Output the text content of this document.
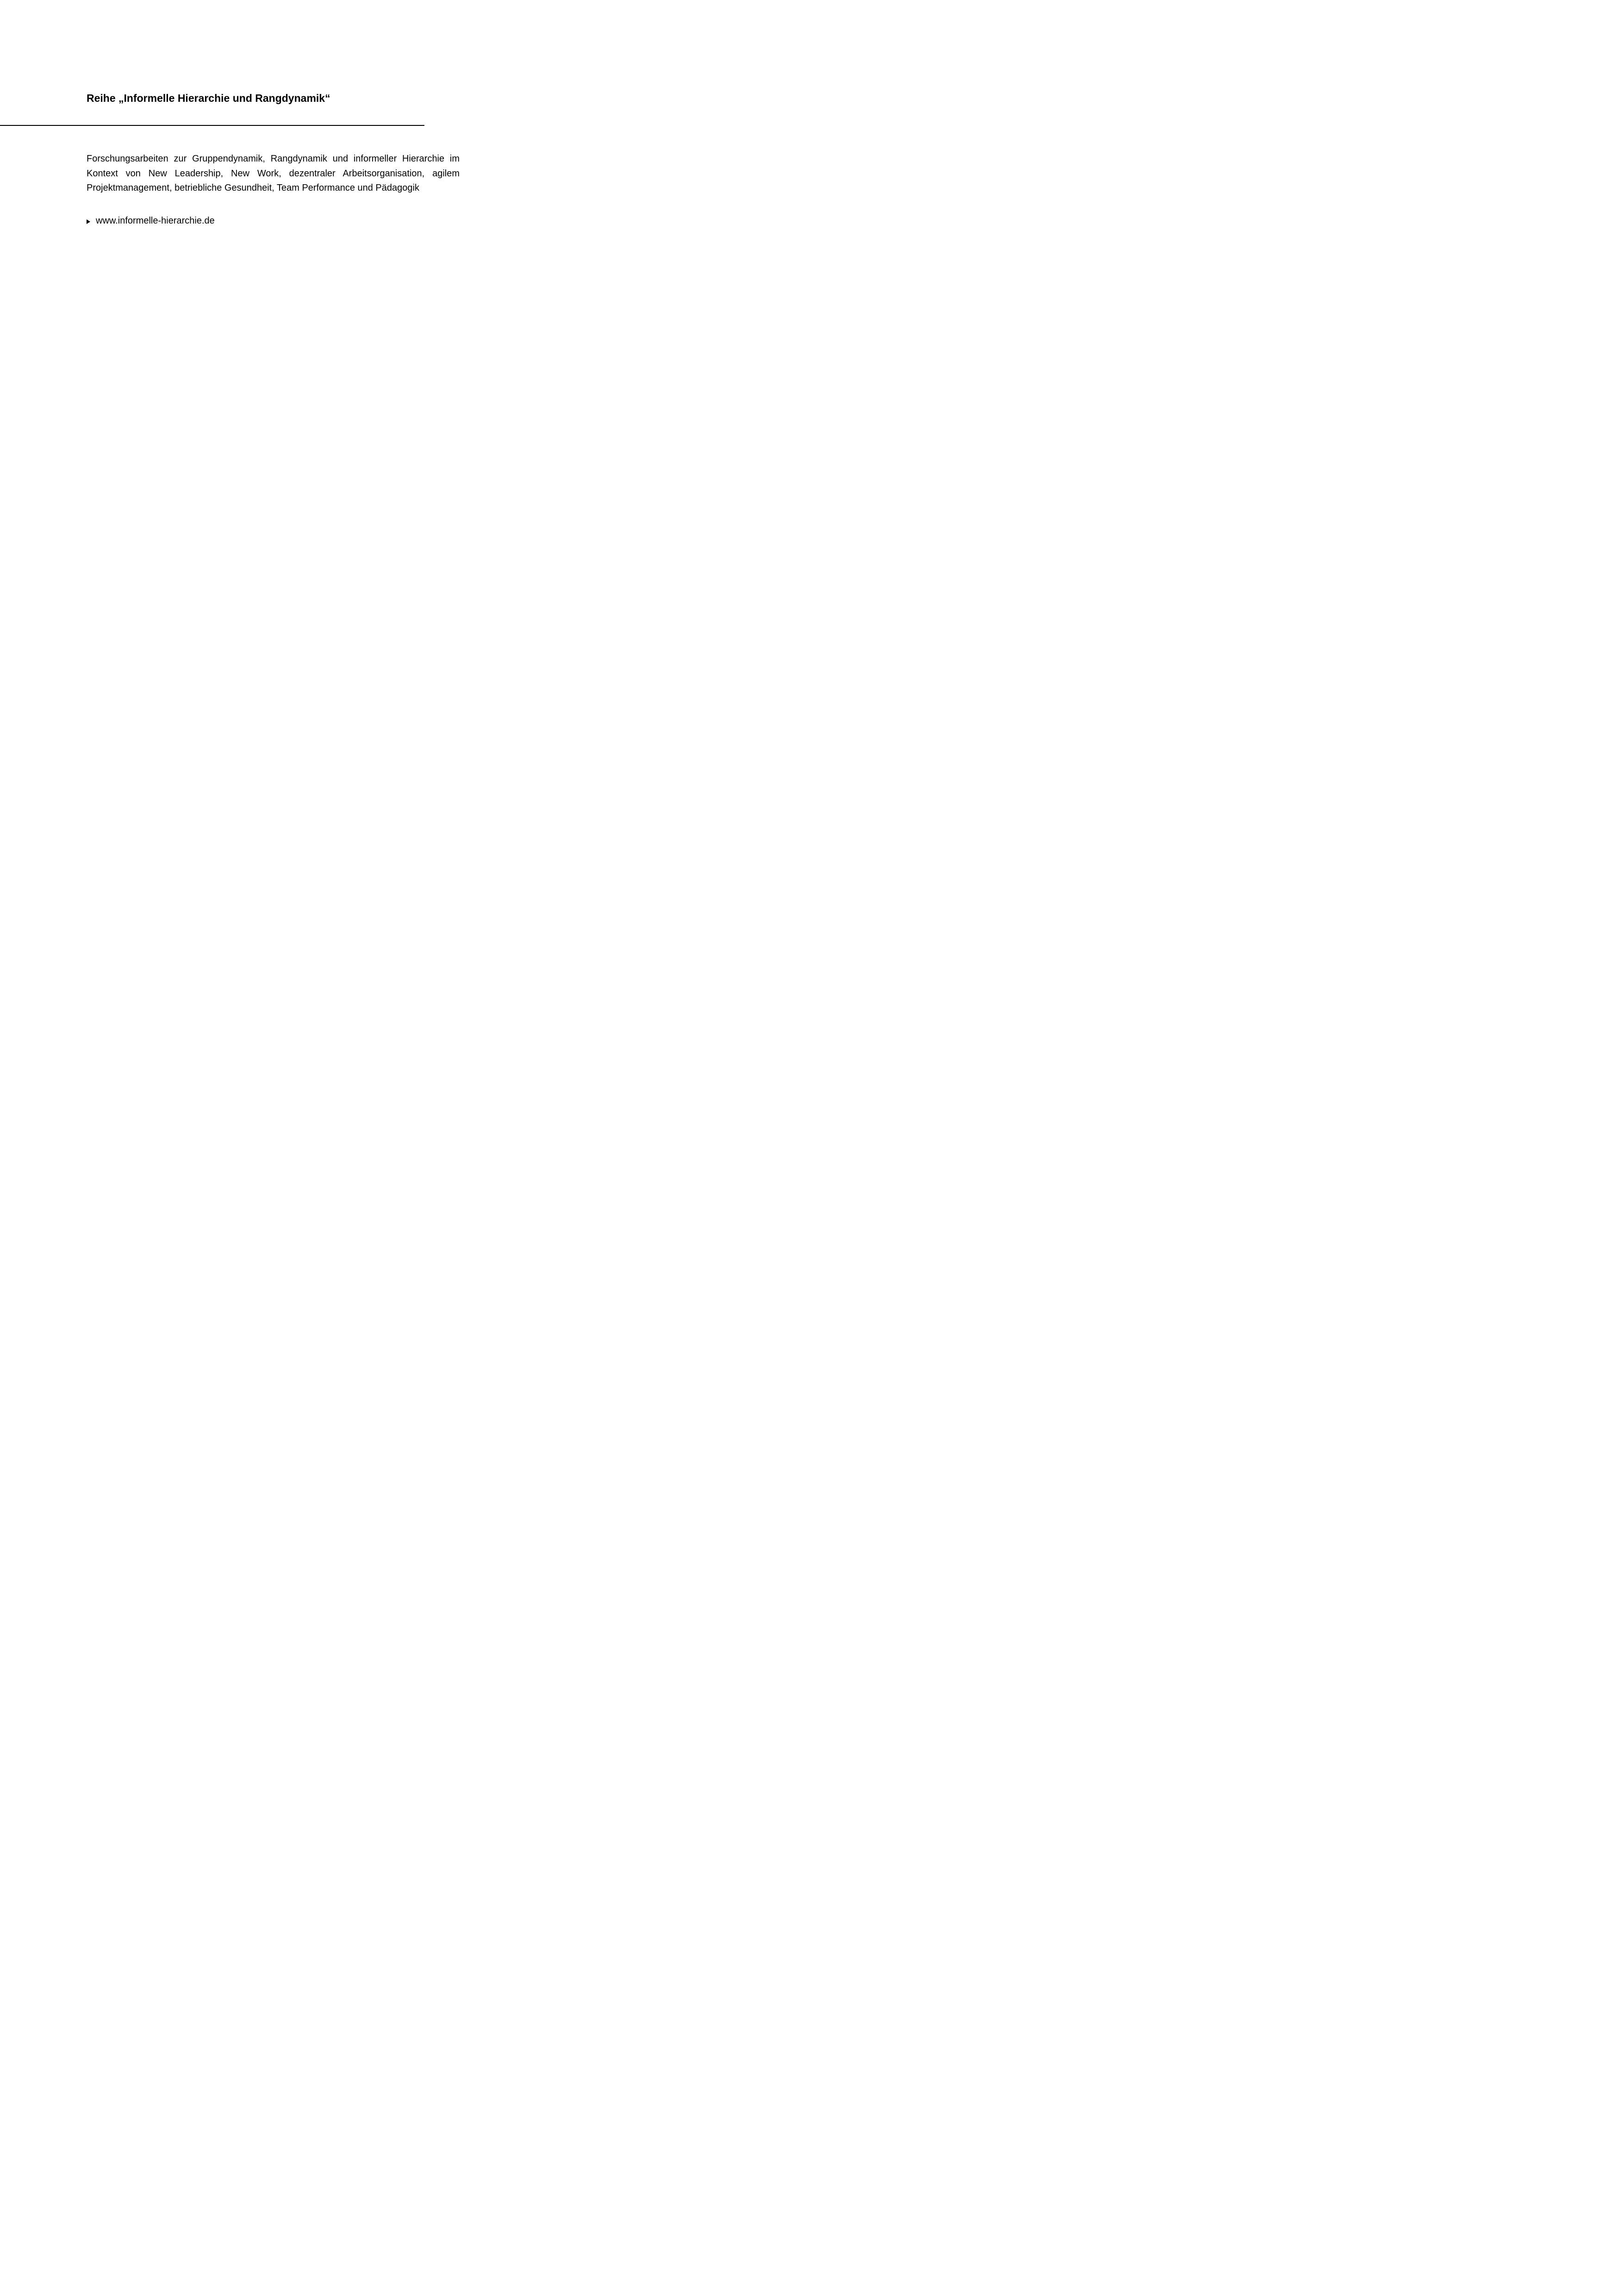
Reihe „Informelle Hierarchie und Rangdynamik“

Forschungsarbeiten zur Gruppendynamik, Rangdynamik und informeller Hierarchie im Kontext von New Leadership, New Work, dezentraler Arbeitsorganisation, agilem Projektmanagement, betriebliche Gesundheit, Team Performance und Pädagogik

www.informelle-hierarchie.de
